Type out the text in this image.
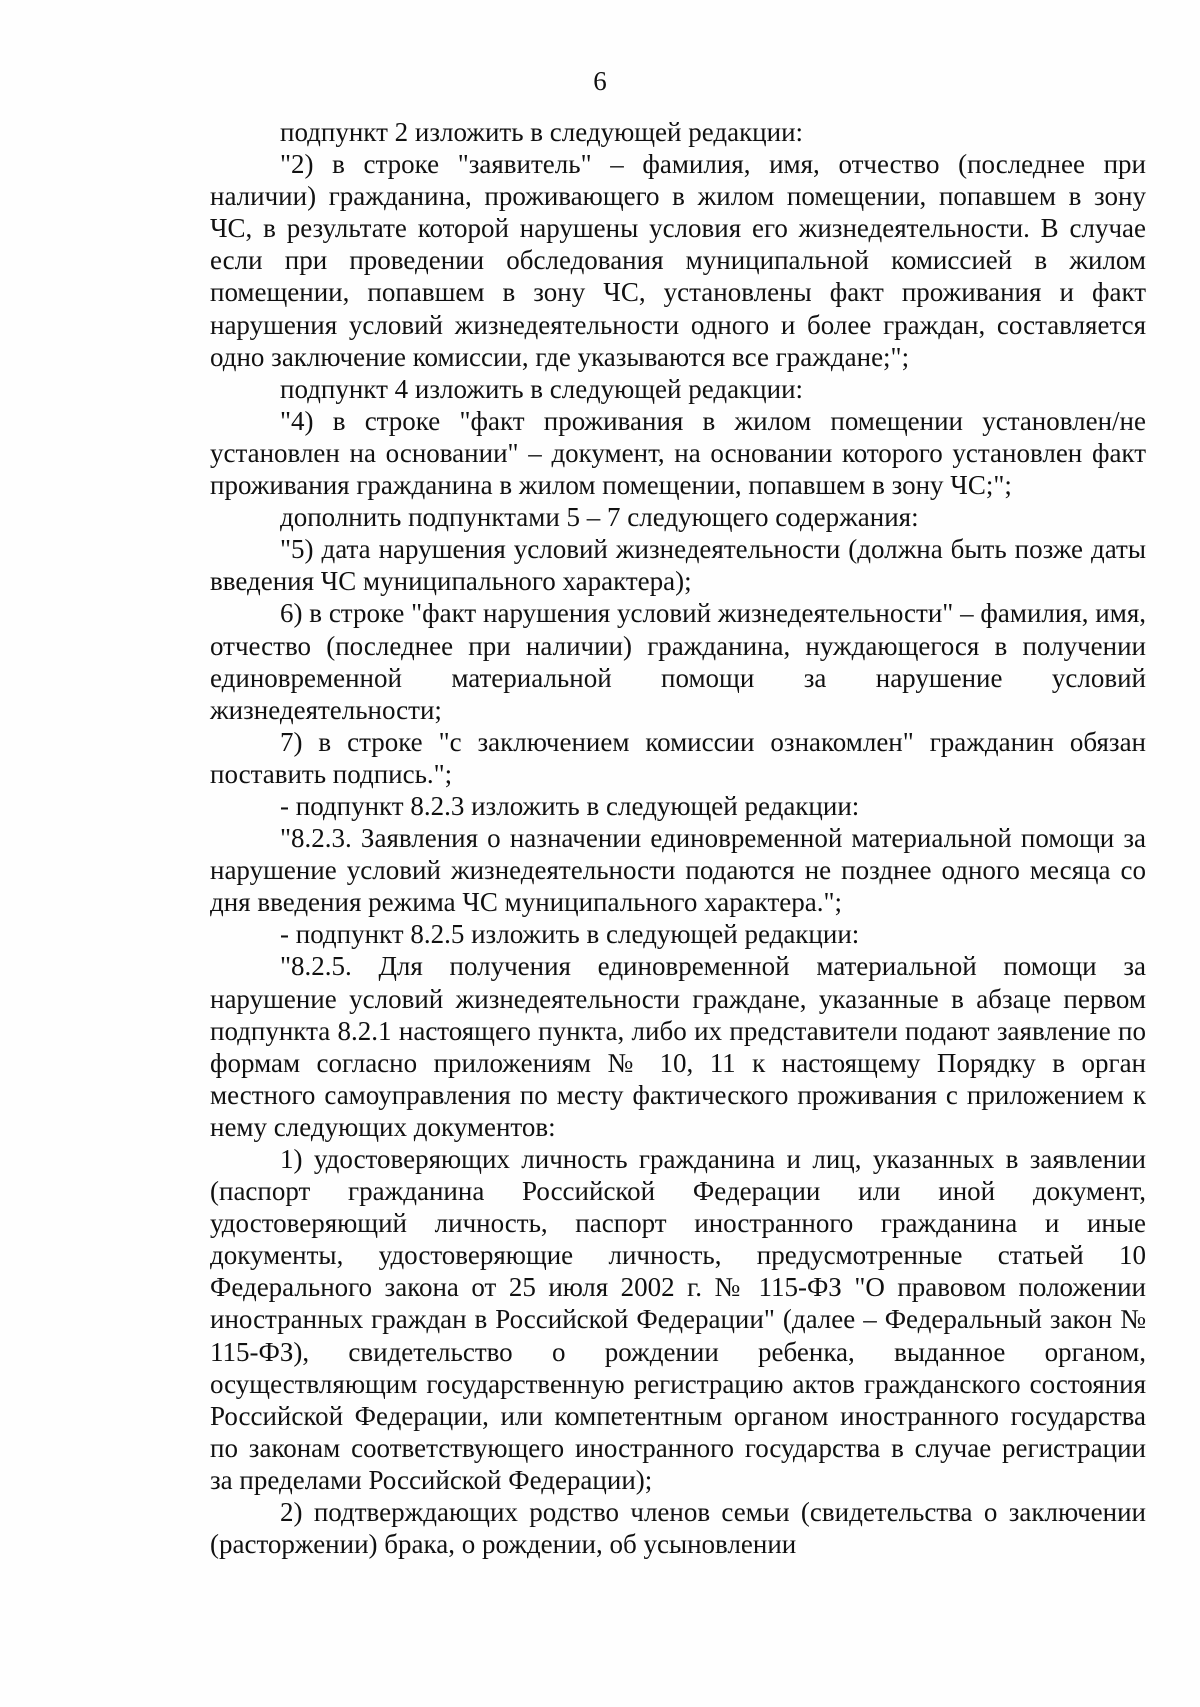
6

подпункт 2 изложить в следующей редакции:

"2) в строке "заявитель" – фамилия, имя, отчество (последнее при наличии) гражданина, проживающего в жилом помещении, попавшем в зону ЧС, в результате которой нарушены условия его жизнедеятельности. В случае если при проведении обследования муниципальной комиссией в жилом помещении, попавшем в зону ЧС, установлены факт проживания и факт нарушения условий жизнедеятельности одного и более граждан, составляется одно заключение комиссии, где указываются все граждане;";

подпункт 4 изложить в следующей редакции:

"4) в строке "факт проживания в жилом помещении установлен/не установлен на основании" – документ, на основании которого установлен факт проживания гражданина в жилом помещении, попавшем в зону ЧС;";

дополнить подпунктами 5 – 7 следующего содержания:

"5) дата нарушения условий жизнедеятельности (должна быть позже даты введения ЧС муниципального характера);

6) в строке "факт нарушения условий жизнедеятельности" – фамилия, имя, отчество (последнее при наличии) гражданина, нуждающегося в получении единовременной материальной помощи за нарушение условий жизнедеятельности;

7) в строке "с заключением комиссии ознакомлен" гражданин обязан поставить подпись.";

- подпункт 8.2.3 изложить в следующей редакции:

"8.2.3. Заявления о назначении единовременной материальной помощи за нарушение условий жизнедеятельности подаются не позднее одного месяца со дня введения режима ЧС муниципального характера.";

- подпункт 8.2.5 изложить в следующей редакции:

"8.2.5. Для получения единовременной материальной помощи за нарушение условий жизнедеятельности граждане, указанные в абзаце первом подпункта 8.2.1 настоящего пункта, либо их представители подают заявление по формам согласно приложениям № 10, 11 к настоящему Порядку в орган местного самоуправления по месту фактического проживания с приложением к нему следующих документов:

1) удостоверяющих личность гражданина и лиц, указанных в заявлении (паспорт гражданина Российской Федерации или иной документ, удостоверяющий личность, паспорт иностранного гражданина и иные документы, удостоверяющие личность, предусмотренные статьей 10 Федерального закона от 25 июля 2002 г. № 115-ФЗ "О правовом положении иностранных граждан в Российской Федерации" (далее – Федеральный закон № 115-ФЗ), свидетельство о рождении ребенка, выданное органом, осуществляющим государственную регистрацию актов гражданского состояния Российской Федерации, или компетентным органом иностранного государства по законам соответствующего иностранного государства в случае регистрации за пределами Российской Федерации);

2) подтверждающих родство членов семьи (свидетельства о заключении (расторжении) брака, о рождении, об усыновлении
